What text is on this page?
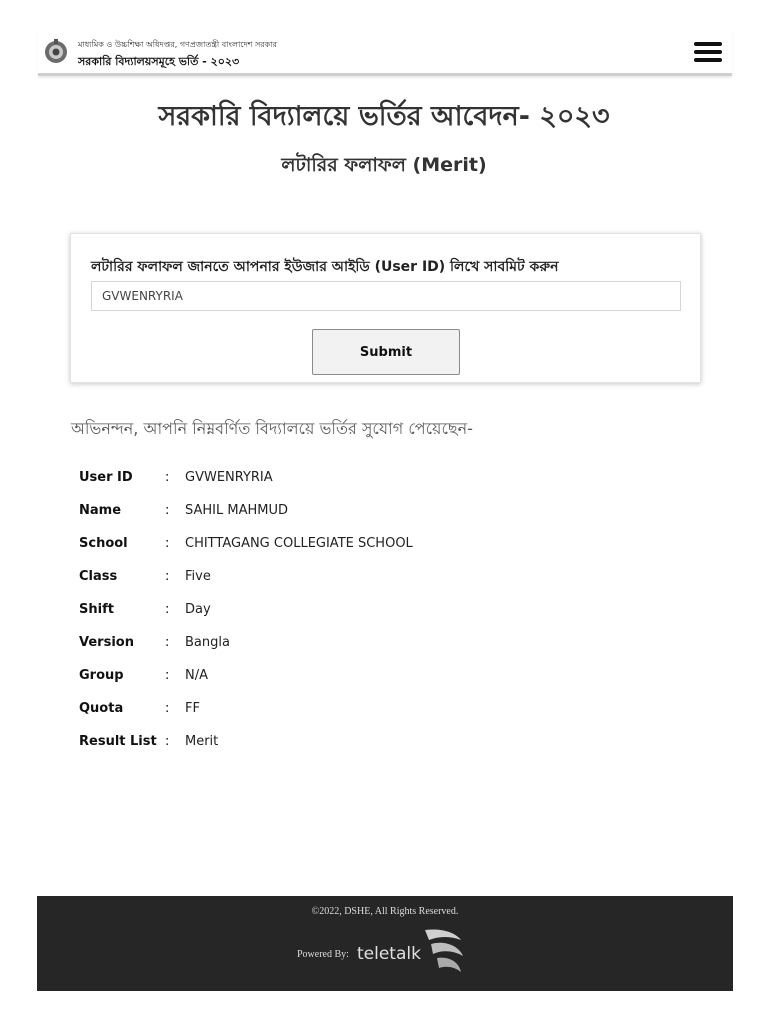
মাধ্যমিক ও উচ্চশিক্ষা অধিদপ্তর, গণপ্রজাতন্ত্রী বাংলাদেশ সরকার
সরকারি বিদ্যালয়সমূহে ভর্তি - ২০২৩
সরকারি বিদ্যালয়ে ভর্তির আবেদন- ২০২৩
লটারির ফলাফল (Merit)
লটারির ফলাফল জানতে আপনার ইউজার আইডি (User ID) লিখে সাবমিট করুন
GVWENRYRIA
Submit
অভিনন্দন, আপনি নিম্নবর্ণিত বিদ্যালয়ে ভর্তির সুযোগ পেয়েছেন-
User ID : GVWENRYRIA
Name	: SAHIL MAHMUD
School	: CHITTAGANG COLLEGIATE SCHOOL
Class	: Five
Shift	: Day
Version : Bangla
Group	: N/A
Quota	: FF
Result List : Merit
©2022, DSHE, All Rights Reserved.
Powered By: teletalk
